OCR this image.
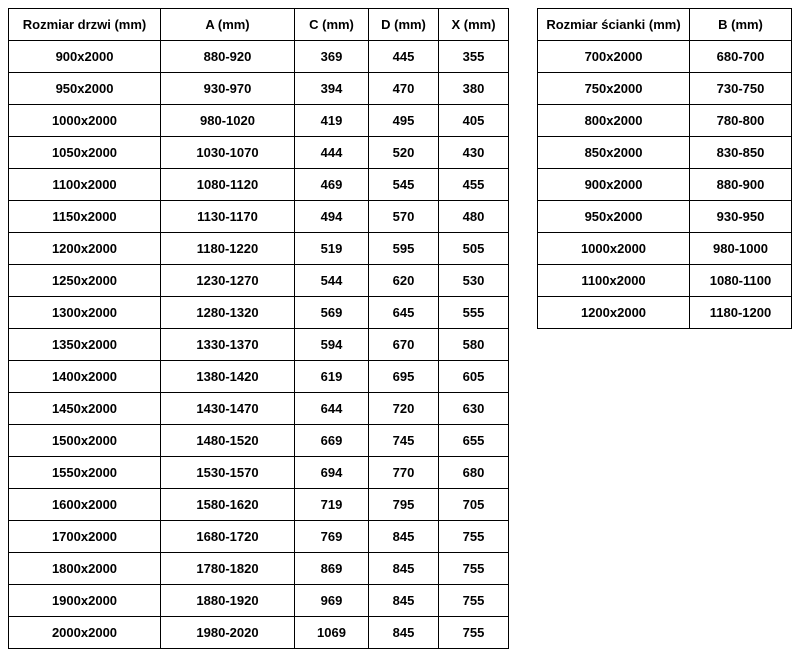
Rozmiar drzwi (mm)	A (mm)	C (mm)	D (mm)	X (mm)
900x2000	880-920	369	445	355
950x2000	930-970	394	470	380
1000x2000	980-1020	419	495	405
1050x2000	1030-1070	444	520	430
1100x2000	1080-1120	469	545	455
1150x2000	1130-1170	494	570	480
1200x2000	1180-1220	519	595	505
1250x2000	1230-1270	544	620	530
1300x2000	1280-1320	569	645	555
1350x2000	1330-1370	594	670	580
1400x2000	1380-1420	619	695	605
1450x2000	1430-1470	644	720	630
1500x2000	1480-1520	669	745	655
1550x2000	1530-1570	694	770	680
1600x2000	1580-1620	719	795	705
1700x2000	1680-1720	769	845	755
1800x2000	1780-1820	869	845	755
1900x2000	1880-1920	969	845	755
2000x2000	1980-2020	1069	845	755
Rozmiar ścianki (mm)	B (mm)
700x2000	680-700
750x2000	730-750
800x2000	780-800
850x2000	830-850
900x2000	880-900
950x2000	930-950
1000x2000	980-1000
1100x2000	1080-1100
1200x2000	1180-1200
